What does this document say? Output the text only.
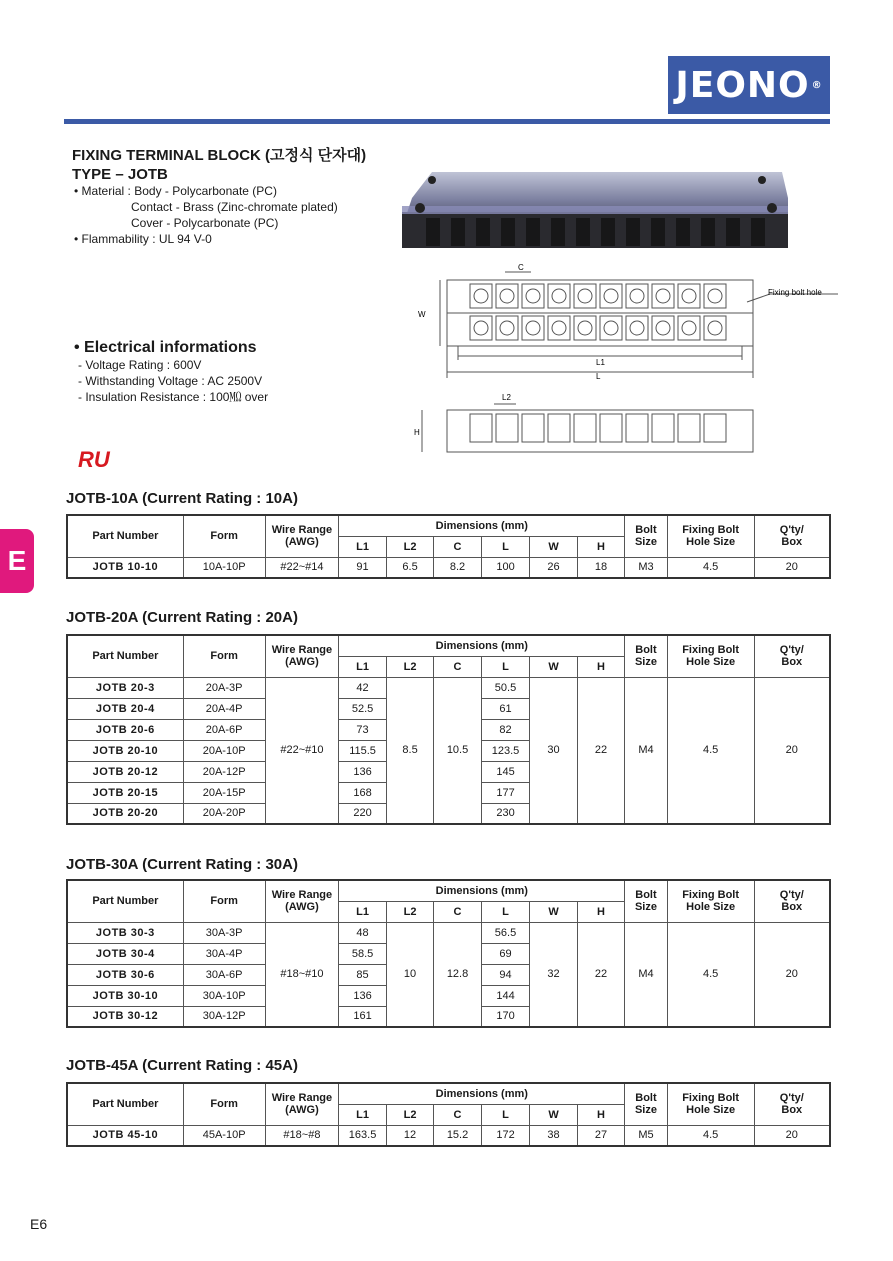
JEONO ®
E
FIXING TERMINAL BLOCK (고정식 단자대)
TYPE – JOTB
• Material : Body - Polycarbonate (PC)
Contact - Brass (Zinc-chromate plated)
Cover - Polycarbonate (PC)
• Flammability : UL 94 V-0
• Electrical informations
- Voltage Rating : 600V
- Withstanding Voltage : AC 2500V
- Insulation Resistance : 100㏁ over
RU
C
W
Fixing bolt hole
L1
L
L2
H
JOTB-10A (Current Rating : 10A)
Part Number	Form	Wire Range
(AWG)	Dimensions (mm)						Bolt
Size	Fixing Bolt
Hole Size	Q'ty/
Box
			L1	L2	C	L	W	H			
JOTB 10-10	10A-10P	#22~#14	91	6.5	8.2	100	26	18	M3	4.5	20
JOTB-20A (Current Rating : 20A)
Part Number	Form	Wire Range
(AWG)	Dimensions (mm)						Bolt
Size	Fixing Bolt
Hole Size	Q'ty/
Box
			L1	L2	C	L	W	H			
JOTB 20-3	20A-3P	#22~#10	42	8.5	10.5	50.5	30	22	M4	4.5	20
JOTB 20-4	20A-4P		52.5			61					
JOTB 20-6	20A-6P		73			82					
JOTB 20-10	20A-10P		115.5			123.5					
JOTB 20-12	20A-12P		136			145					
JOTB 20-15	20A-15P		168			177					
JOTB 20-20	20A-20P		220			230					
JOTB-30A (Current Rating : 30A)
Part Number	Form	Wire Range
(AWG)	Dimensions (mm)						Bolt
Size	Fixing Bolt
Hole Size	Q'ty/
Box
			L1	L2	C	L	W	H			
JOTB 30-3	30A-3P	#18~#10	48	10	12.8	56.5	32	22	M4	4.5	20
JOTB 30-4	30A-4P		58.5			69					
JOTB 30-6	30A-6P		85			94					
JOTB 30-10	30A-10P		136			144					
JOTB 30-12	30A-12P		161			170					
JOTB-45A (Current Rating : 45A)
Part Number	Form	Wire Range
(AWG)	Dimensions (mm)						Bolt
Size	Fixing Bolt
Hole Size	Q'ty/
Box
			L1	L2	C	L	W	H			
JOTB 45-10	45A-10P	#18~#8	163.5	12	15.2	172	38	27	M5	4.5	20
E6
